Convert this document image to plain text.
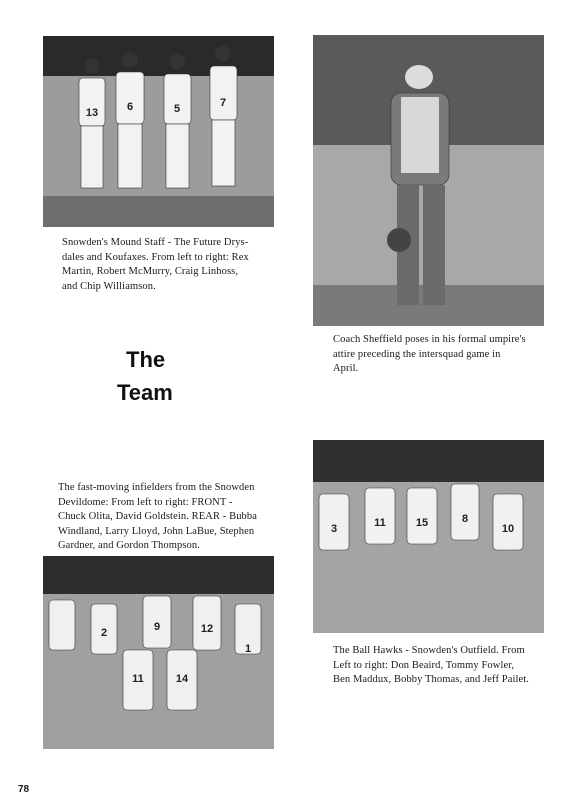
13	6	5	7
2	9	12
1
11	14
3	11	15	8
10
Snowden's Mound Staff - The Future Drys-
dales and Koufaxes. From left to right: Rex
Martin, Robert McMurry, Craig Linhoss,
and Chip Williamson.
Coach Sheffield poses in his formal umpire's
attire preceding the intersquad game in
April.
The fast-moving infielders from the Snowden
Devildome: From left to right: FRONT -
Chuck Olita, David Goldstein. REAR - Bubba
Windland, Larry Lloyd, John LaBue, Stephen
Gardner, and Gordon Thompson.
The Ball Hawks - Snowden's Outfield. From
Left to right: Don Beaird, Tommy Fowler,
Ben Maddux, Bobby Thomas, and Jeff Pailet.
The
Team
78
